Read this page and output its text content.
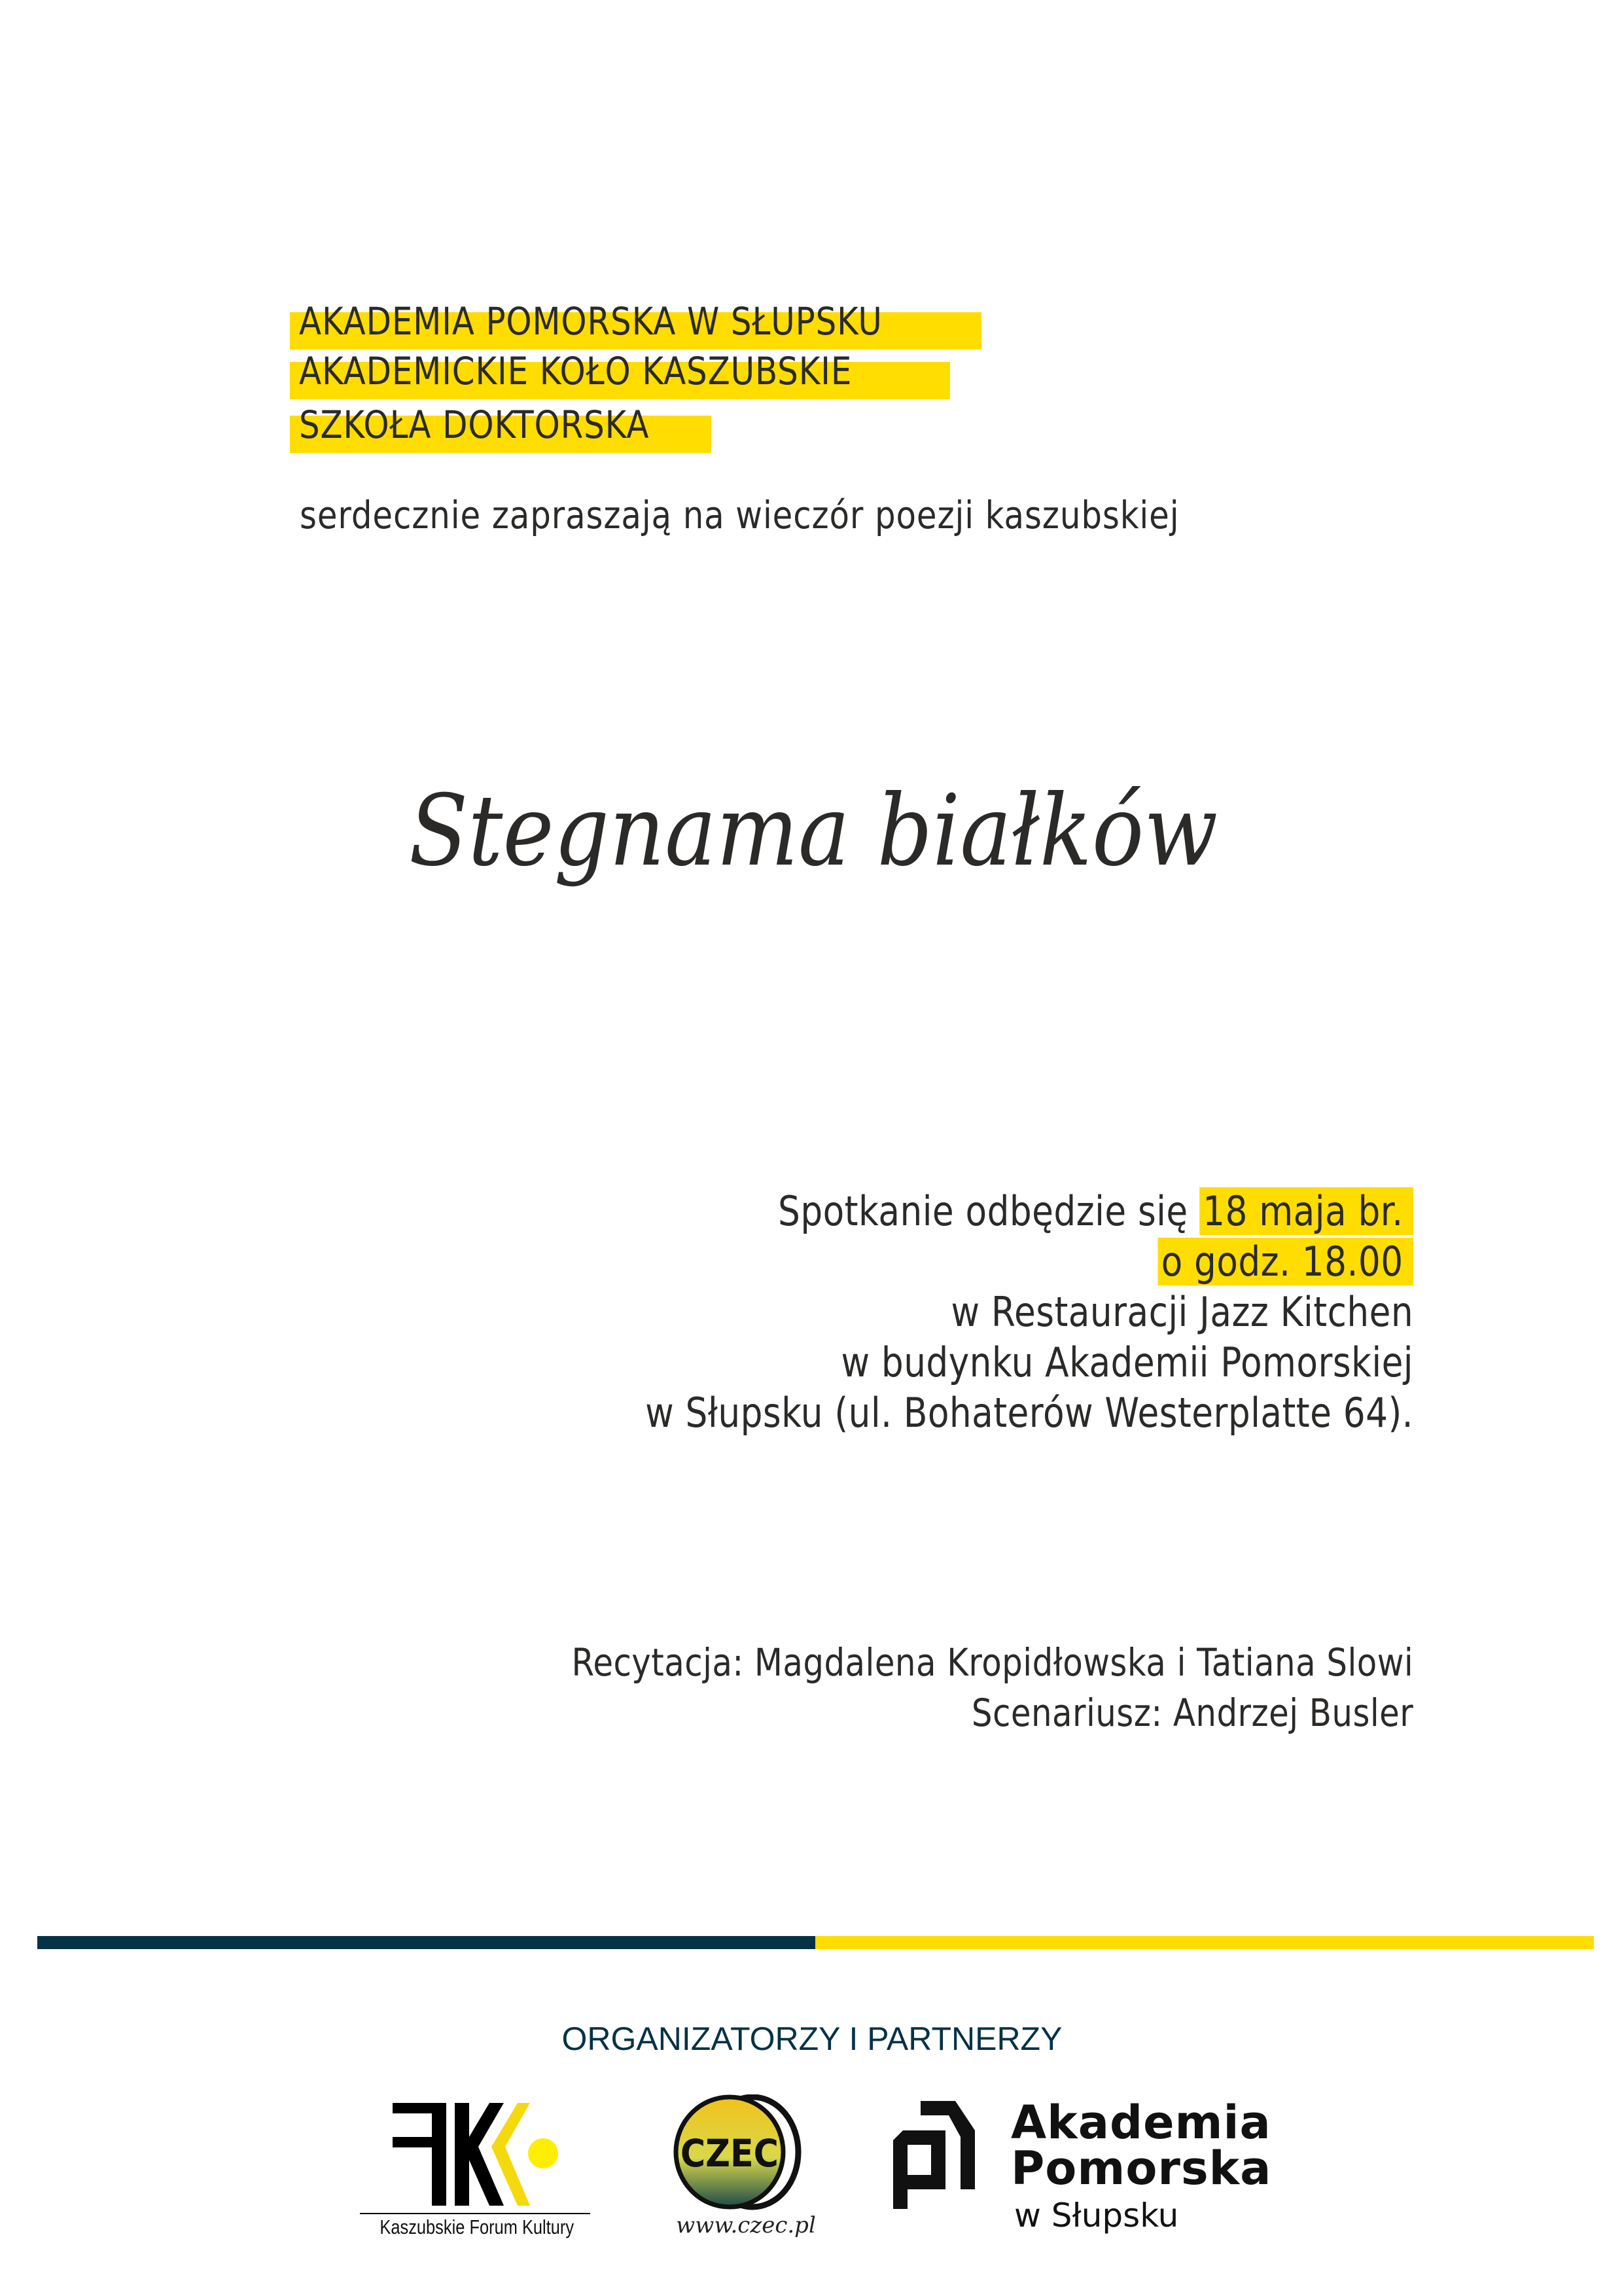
AKADEMIA POMORSKA W SŁUPSKU
AKADEMICKIE KOŁO KASZUBSKIE
SZKOŁA DOKTORSKA
serdecznie zapraszają na wieczór poezji kaszubskiej
Stegnama białków
Spotkanie odbędzie się 18 maja br.
o godz. 18.00
w Restauracji Jazz Kitchen
w budynku Akademii Pomorskiej
w Słupsku (ul. Bohaterów Westerplatte 64).
Recytacja: Magdalena Kropidłowska i Tatiana Slowi
Scenariusz: Andrzej Busler
ORGANIZATORZY I PARTNERZY
Kaszubskie Forum Kultury
CZEC
www.czec.pl
Akademia
Pomorska
w Słupsku
